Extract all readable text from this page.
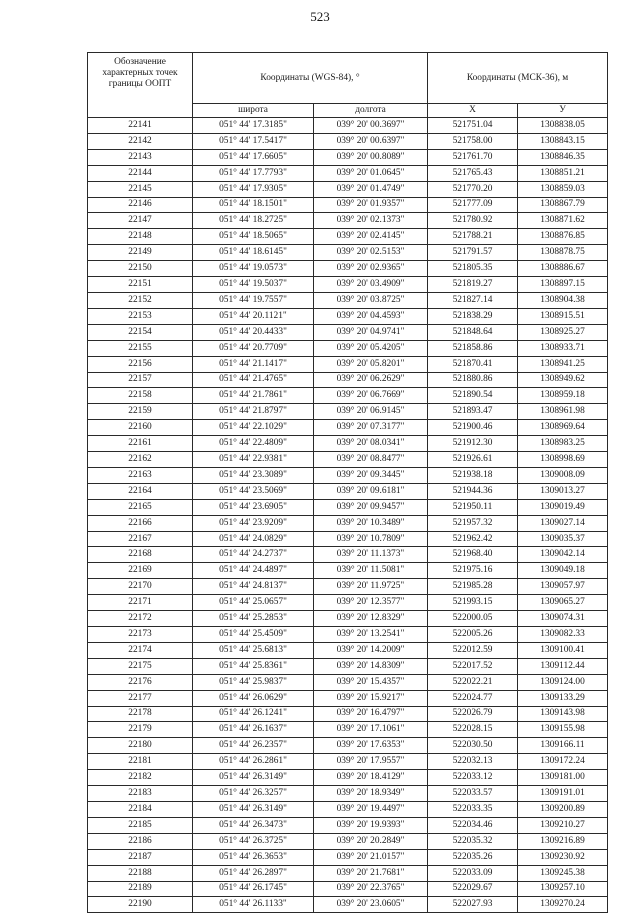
523
Обозначение характерных точек границы ООПТ	Координаты (WGS-84), °		Координаты (МСК-36), м	
	широта	долгота	X	У
22141	051° 44' 17.3185"	039° 20' 00.3697"	521751.04	1308838.05
22142	051° 44' 17.5417"	039° 20' 00.6397"	521758.00	1308843.15
22143	051° 44' 17.6605"	039° 20' 00.8089"	521761.70	1308846.35
22144	051° 44' 17.7793"	039° 20' 01.0645"	521765.43	1308851.21
22145	051° 44' 17.9305"	039° 20' 01.4749"	521770.20	1308859.03
22146	051° 44' 18.1501"	039° 20' 01.9357"	521777.09	1308867.79
22147	051° 44' 18.2725"	039° 20' 02.1373"	521780.92	1308871.62
22148	051° 44' 18.5065"	039° 20' 02.4145"	521788.21	1308876.85
22149	051° 44' 18.6145"	039° 20' 02.5153"	521791.57	1308878.75
22150	051° 44' 19.0573"	039° 20' 02.9365"	521805.35	1308886.67
22151	051° 44' 19.5037"	039° 20' 03.4909"	521819.27	1308897.15
22152	051° 44' 19.7557"	039° 20' 03.8725"	521827.14	1308904.38
22153	051° 44' 20.1121"	039° 20' 04.4593"	521838.29	1308915.51
22154	051° 44' 20.4433"	039° 20' 04.9741"	521848.64	1308925.27
22155	051° 44' 20.7709"	039° 20' 05.4205"	521858.86	1308933.71
22156	051° 44' 21.1417"	039° 20' 05.8201"	521870.41	1308941.25
22157	051° 44' 21.4765"	039° 20' 06.2629"	521880.86	1308949.62
22158	051° 44' 21.7861"	039° 20' 06.7669"	521890.54	1308959.18
22159	051° 44' 21.8797"	039° 20' 06.9145"	521893.47	1308961.98
22160	051° 44' 22.1029"	039° 20' 07.3177"	521900.46	1308969.64
22161	051° 44' 22.4809"	039° 20' 08.0341"	521912.30	1308983.25
22162	051° 44' 22.9381"	039° 20' 08.8477"	521926.61	1308998.69
22163	051° 44' 23.3089"	039° 20' 09.3445"	521938.18	1309008.09
22164	051° 44' 23.5069"	039° 20' 09.6181"	521944.36	1309013.27
22165	051° 44' 23.6905"	039° 20' 09.9457"	521950.11	1309019.49
22166	051° 44' 23.9209"	039° 20' 10.3489"	521957.32	1309027.14
22167	051° 44' 24.0829"	039° 20' 10.7809"	521962.42	1309035.37
22168	051° 44' 24.2737"	039° 20' 11.1373"	521968.40	1309042.14
22169	051° 44' 24.4897"	039° 20' 11.5081"	521975.16	1309049.18
22170	051° 44' 24.8137"	039° 20' 11.9725"	521985.28	1309057.97
22171	051° 44' 25.0657"	039° 20' 12.3577"	521993.15	1309065.27
22172	051° 44' 25.2853"	039° 20' 12.8329"	522000.05	1309074.31
22173	051° 44' 25.4509"	039° 20' 13.2541"	522005.26	1309082.33
22174	051° 44' 25.6813"	039° 20' 14.2009"	522012.59	1309100.41
22175	051° 44' 25.8361"	039° 20' 14.8309"	522017.52	1309112.44
22176	051° 44' 25.9837"	039° 20' 15.4357"	522022.21	1309124.00
22177	051° 44' 26.0629"	039° 20' 15.9217"	522024.77	1309133.29
22178	051° 44' 26.1241"	039° 20' 16.4797"	522026.79	1309143.98
22179	051° 44' 26.1637"	039° 20' 17.1061"	522028.15	1309155.98
22180	051° 44' 26.2357"	039° 20' 17.6353"	522030.50	1309166.11
22181	051° 44' 26.2861"	039° 20' 17.9557"	522032.13	1309172.24
22182	051° 44' 26.3149"	039° 20' 18.4129"	522033.12	1309181.00
22183	051° 44' 26.3257"	039° 20' 18.9349"	522033.57	1309191.01
22184	051° 44' 26.3149"	039° 20' 19.4497"	522033.35	1309200.89
22185	051° 44' 26.3473"	039° 20' 19.9393"	522034.46	1309210.27
22186	051° 44' 26.3725"	039° 20' 20.2849"	522035.32	1309216.89
22187	051° 44' 26.3653"	039° 20' 21.0157"	522035.26	1309230.92
22188	051° 44' 26.2897"	039° 20' 21.7681"	522033.09	1309245.38
22189	051° 44' 26.1745"	039° 20' 22.3765"	522029.67	1309257.10
22190	051° 44' 26.1133"	039° 20' 23.0605"	522027.93	1309270.24
